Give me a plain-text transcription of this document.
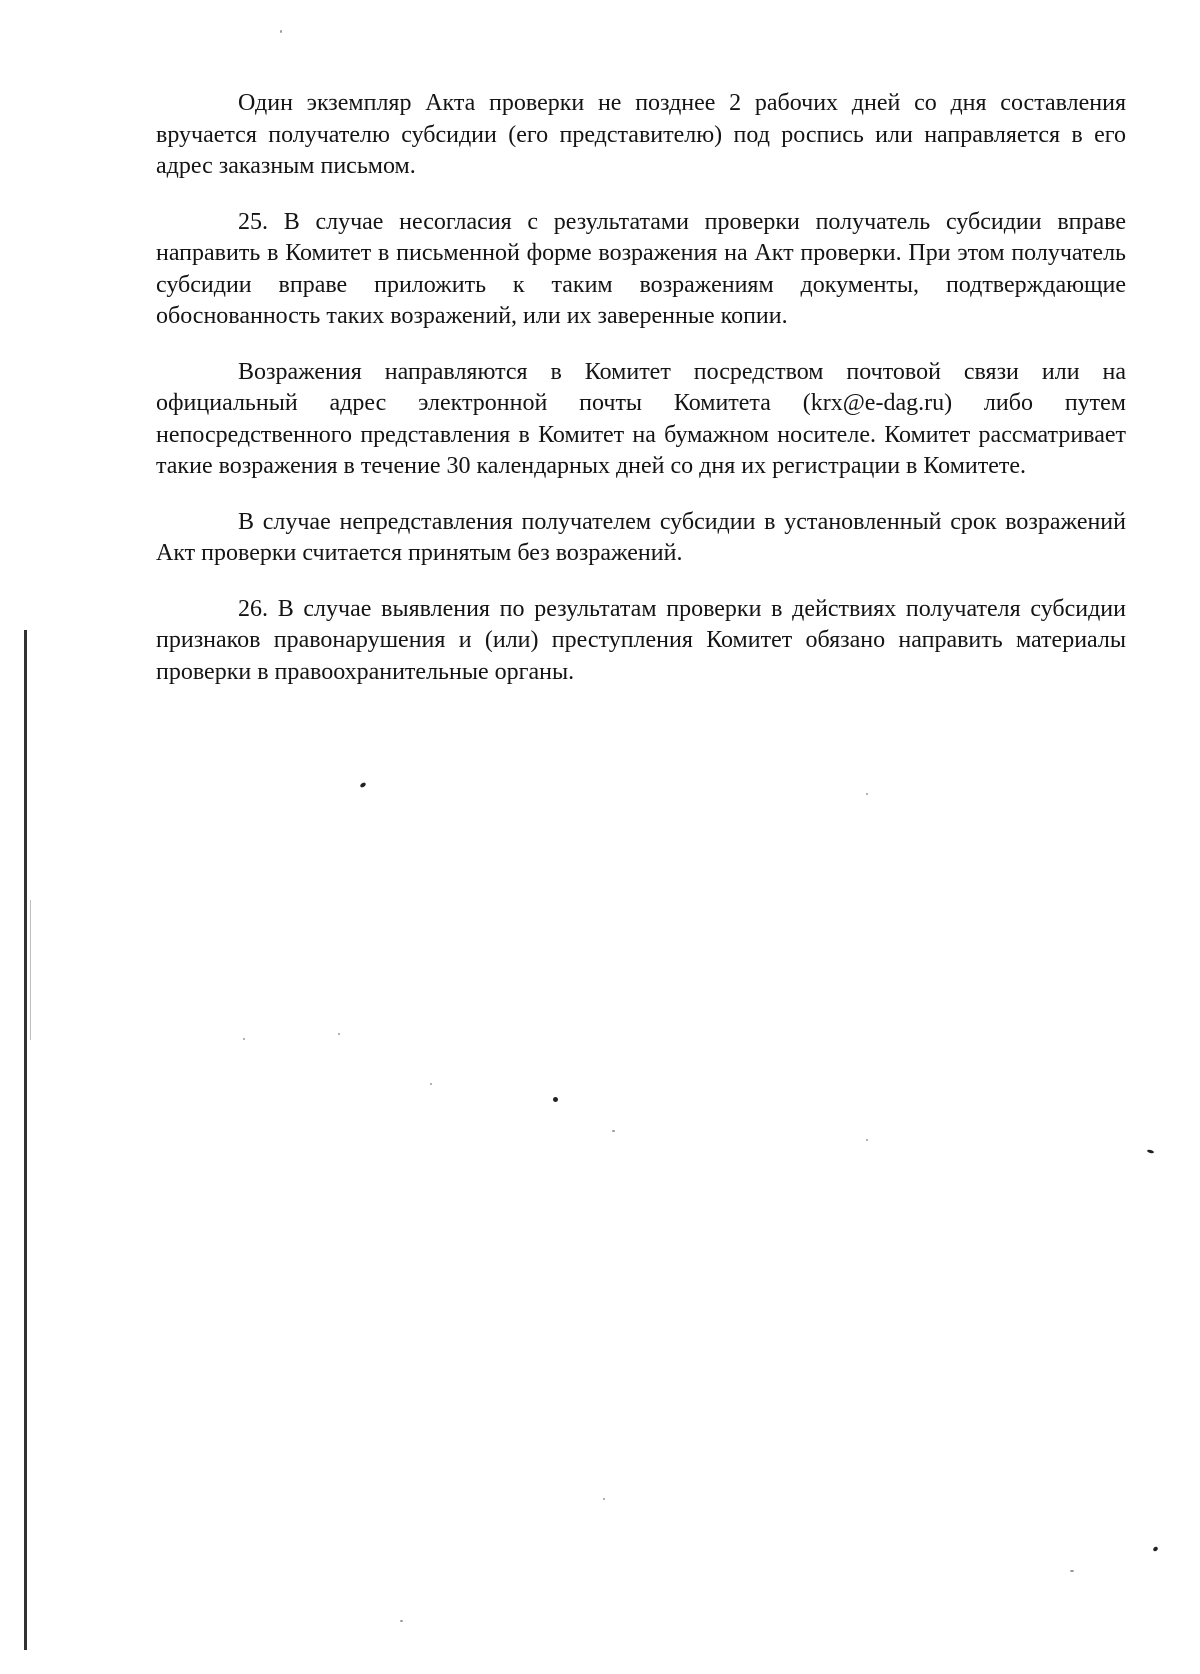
Один экземпляр Акта проверки не позднее 2 рабочих дней со дня составления вручается получателю субсидии (его представителю) под роспись или направляется в его адрес заказным письмом.

25. В случае несогласия с результатами проверки получатель субсидии вправе направить в Комитет в письменной форме возражения на Акт проверки. При этом получатель субсидии вправе приложить к таким возражениям документы, подтверждающие обоснованность таких возражений, или их заверенные копии.

Возражения направляются в Комитет посредством почтовой связи или на официальный адрес электронной почты Комитета (krx@e-dag.ru) либо путем непосредственного представления в Комитет на бумажном носителе. Комитет рассматривает такие возражения в течение 30 календарных дней со дня их регистрации в Комитете.

В случае непредставления получателем субсидии в установленный срок возражений Акт проверки считается принятым без возражений.

26. В случае выявления по результатам проверки в действиях получателя субсидии признаков правонарушения и (или) преступления Комитет обязано направить материалы проверки в правоохранительные органы.
